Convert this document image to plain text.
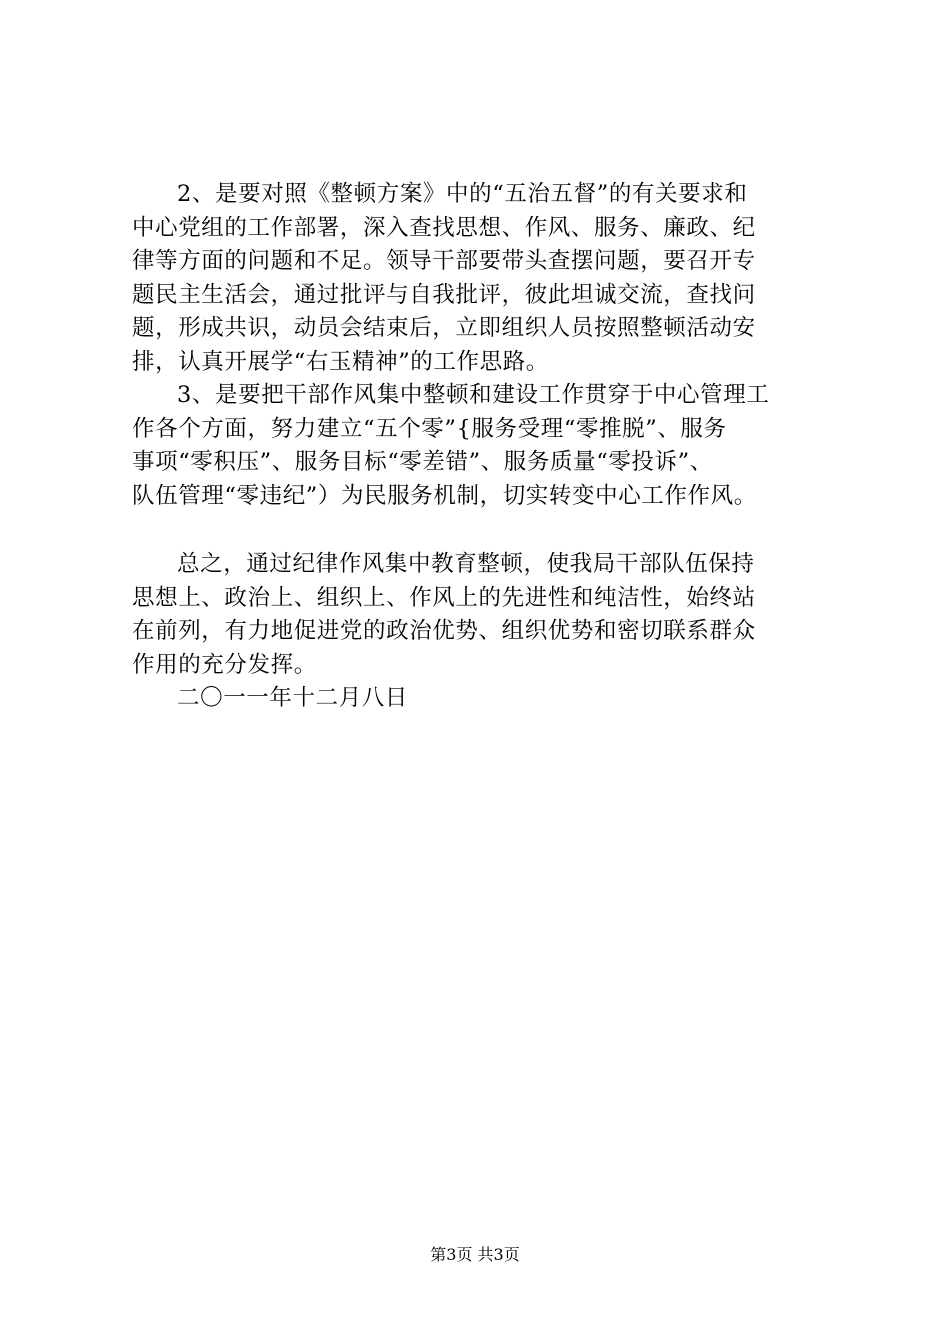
2、是要对照《整顿方案》中的“五治五督”的有关要求和
中心党组的工作部署，深入查找思想、作风、服务、廉政、纪
律等方面的问题和不足。领导干部要带头查摆问题，要召开专
题民主生活会，通过批评与自我批评，彼此坦诚交流，查找问
题，形成共识，动员会结束后，立即组织人员按照整顿活动安
排，认真开展学“右玉精神”的工作思路。
3、是要把干部作风集中整顿和建设工作贯穿于中心管理工
作各个方面，努力建立“五个零”{服务受理“零推脱”、服务
事项“零积压”、服务目标“零差错”、服务质量“零投诉”、
队伍管理“零违纪”）为民服务机制，切实转变中心工作作风。
总之，通过纪律作风集中教育整顿，使我局干部队伍保持
思想上、政治上、组织上、作风上的先进性和纯洁性，始终站
在前列，有力地促进党的政治优势、组织优势和密切联系群众
作用的充分发挥。
二〇一一年十二月八日
第3页 共3页
